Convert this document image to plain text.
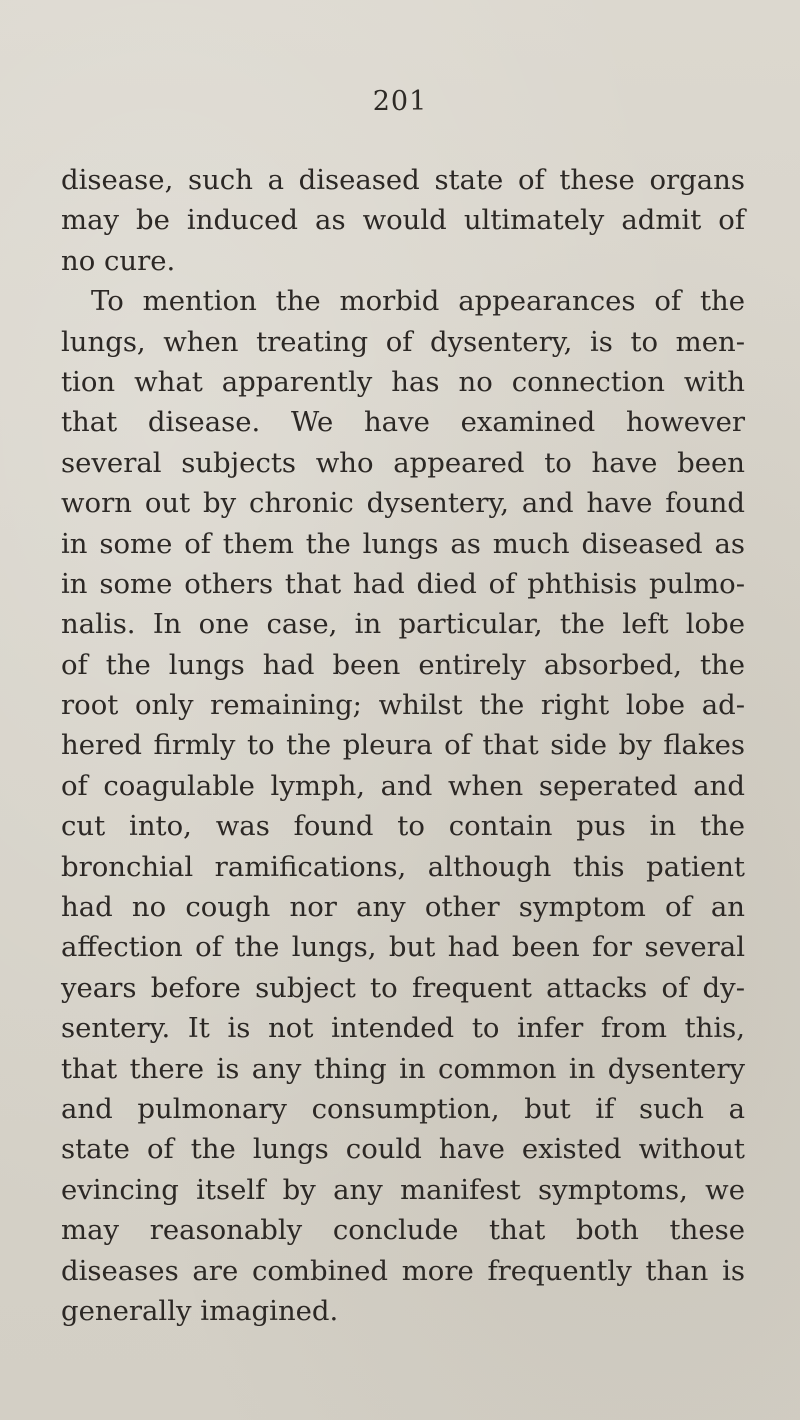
201

disease, such a diseased state of these organs
may be induced as would ultimately admit of
no cure.
To mention the morbid appearances of the
lungs, when treating of dysentery, is to men-
tion what apparently has no connection with
that disease. We have examined however
several subjects who appeared to have been
worn out by chronic dysentery, and have found
in some of them the lungs as much diseased as
in some others that had died of phthisis pulmo-
nalis. In one case, in particular, the left lobe
of the lungs had been entirely absorbed, the
root only remaining; whilst the right lobe ad-
hered firmly to the pleura of that side by flakes
of coagulable lymph, and when seperated and
cut into, was found to contain pus in the
bronchial ramifications, although this patient
had no cough nor any other symptom of an
affection of the lungs, but had been for several
years before subject to frequent attacks of dy-
sentery. It is not intended to infer from this,
that there is any thing in common in dysentery
and pulmonary consumption, but if such a
state of the lungs could have existed without
evincing itself by any manifest symptoms, we
may reasonably conclude that both these
diseases are combined more frequently than is
generally imagined.
